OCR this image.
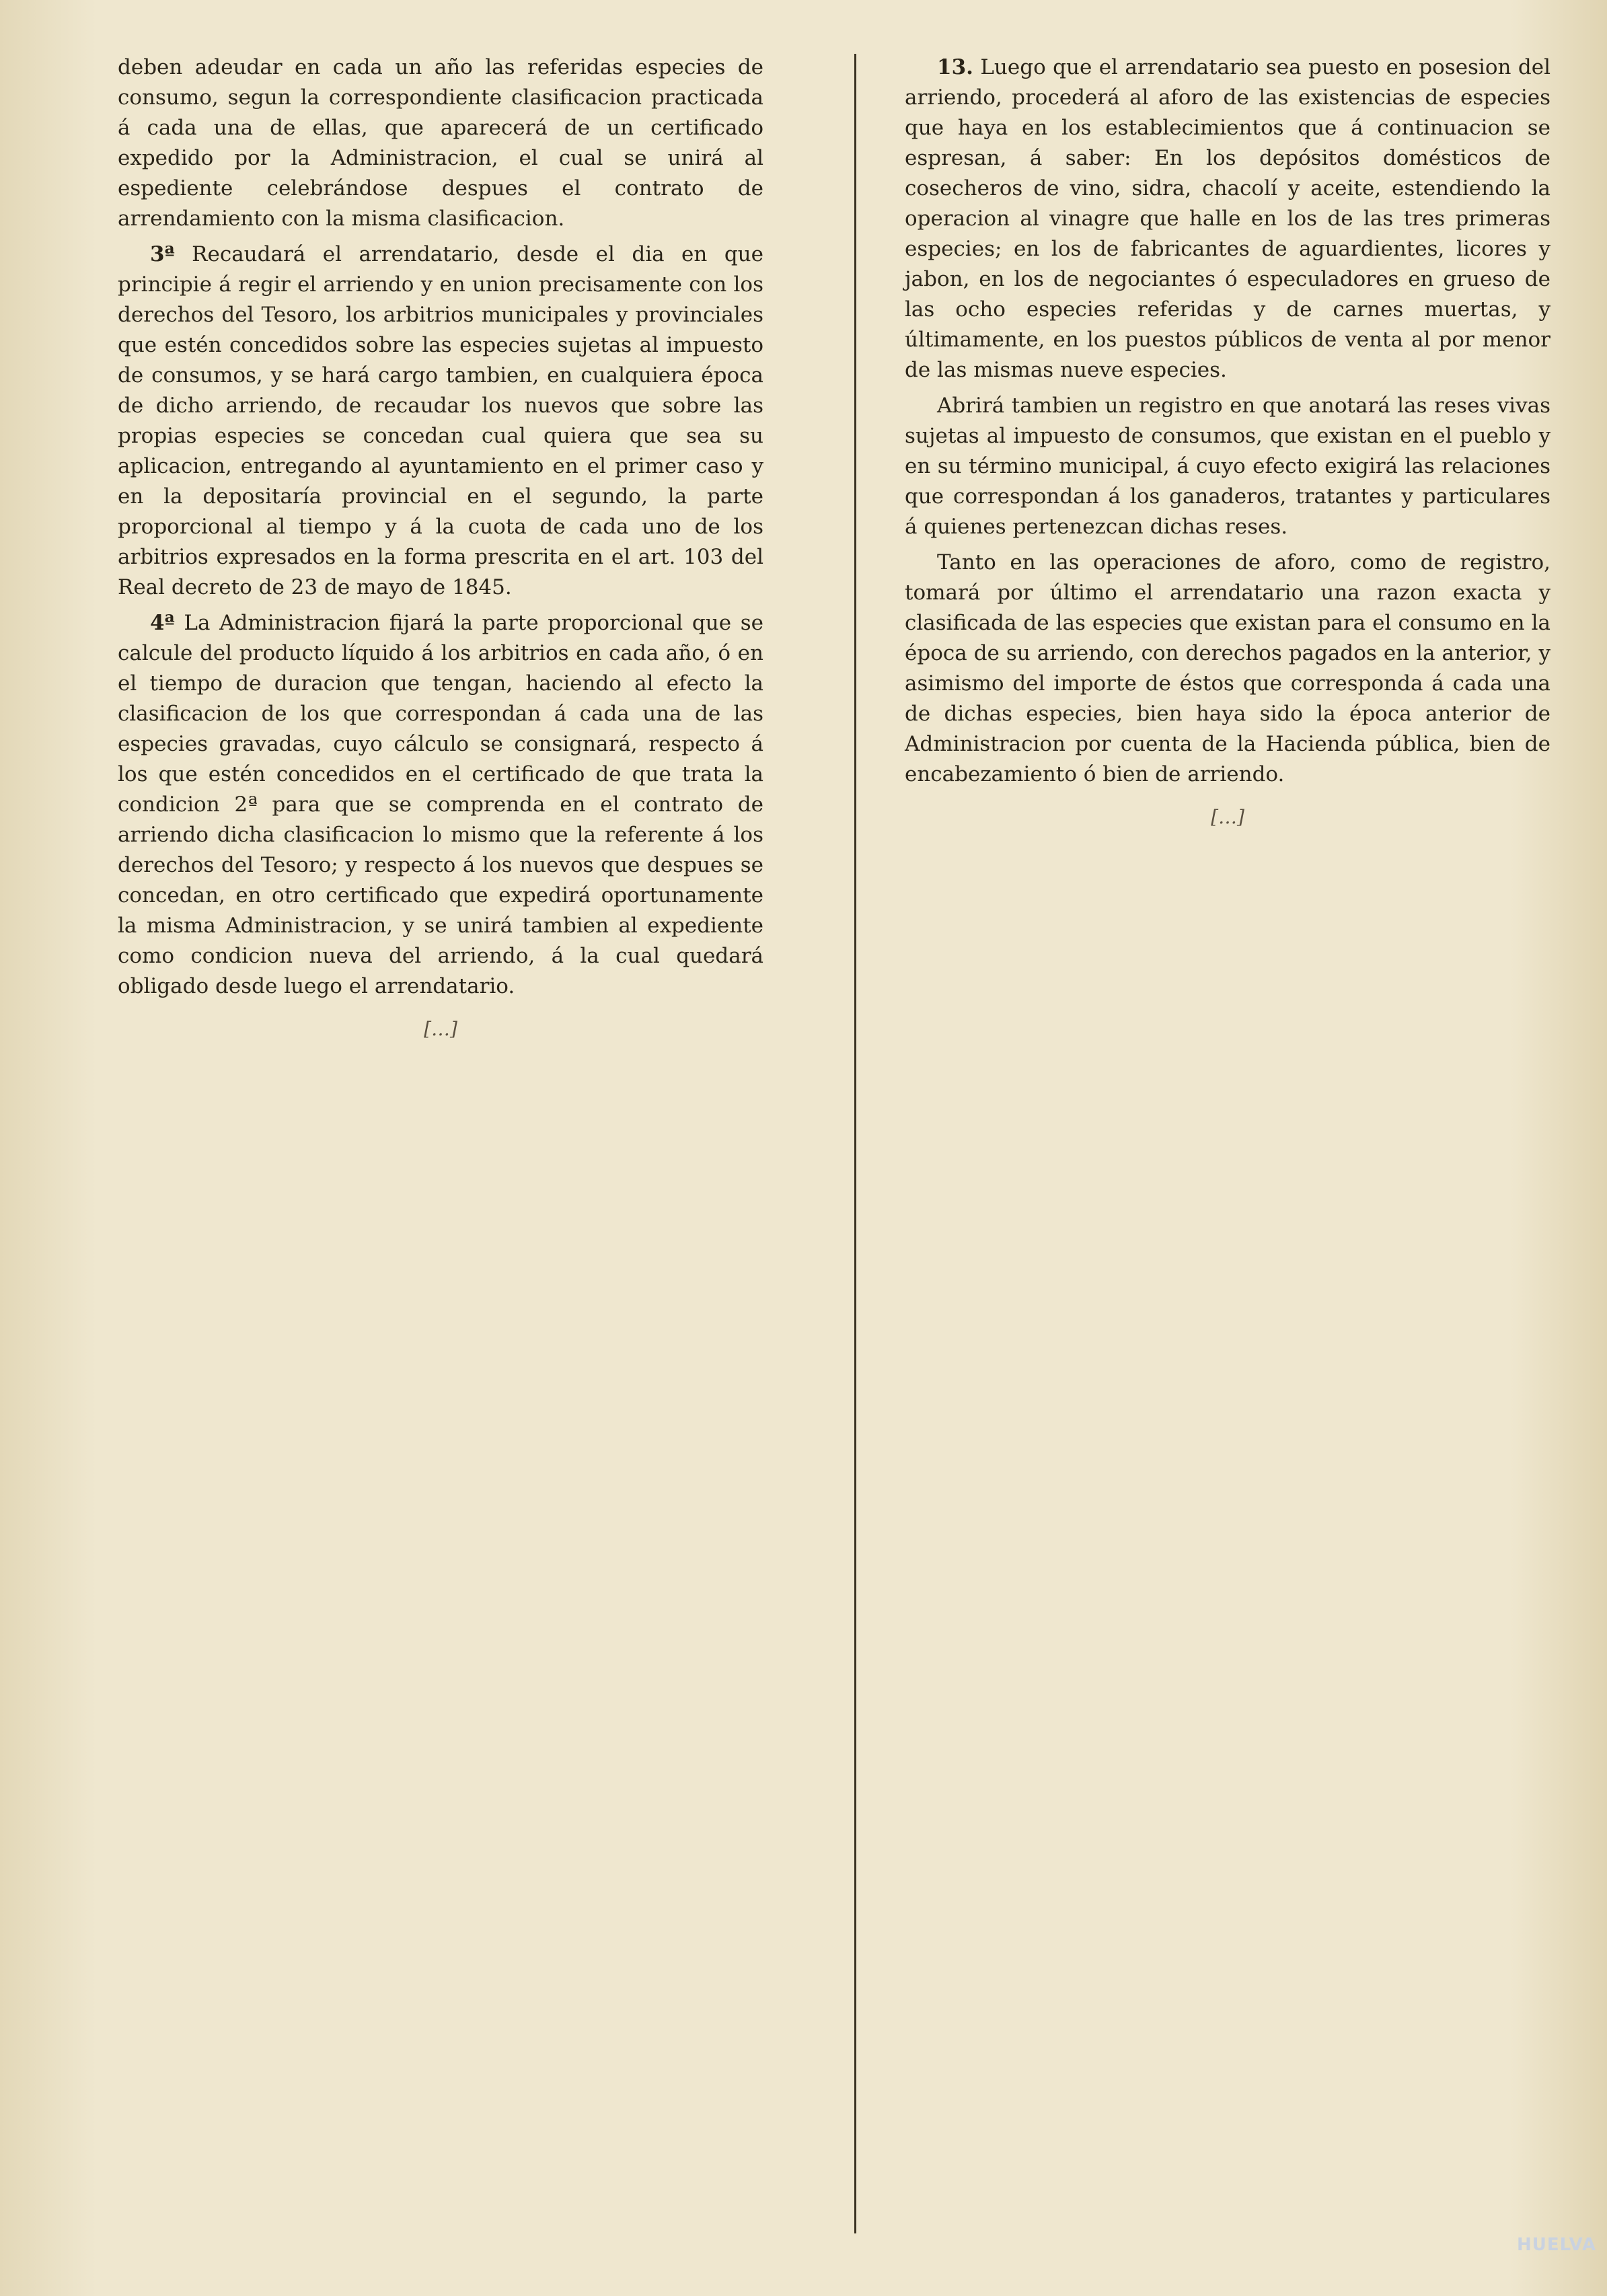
deben adeudar en cada un año las referidas especies de consumo, segun la correspondiente clasificacion practicada á cada una de ellas, que aparecerá de un certificado expedido por la Administracion, el cual se unirá al espediente celebrándose despues el contrato de arrendamiento con la misma clasificacion.

3ª Recaudará el arrendatario, desde el dia en que principie á regir el arriendo y en union precisamente con los derechos del Tesoro, los arbitrios municipales y provinciales que estén concedidos sobre las especies sujetas al impuesto de consumos, y se hará cargo tambien, en cualquiera época de dicho arriendo, de recaudar los nuevos que sobre las propias especies se concedan cual quiera que sea su aplicacion, entregando al ayuntamiento en el primer caso y en la depositaría provincial en el segundo, la parte proporcional al tiempo y á la cuota de cada uno de los arbitrios expresados en la forma prescrita en el art. 103 del Real decreto de 23 de mayo de 1845.

4ª La Administracion fijará la parte proporcional que se calcule del producto líquido á los arbitrios en cada año, ó en el tiempo de duracion que tengan, haciendo al efecto la clasificacion de los que correspondan á cada una de las especies gravadas, cuyo cálculo se consignará, respecto á los que estén concedidos en el certificado de que trata la condicion 2ª para que se comprenda en el contrato de arriendo dicha clasificacion lo mismo que la referente á los derechos del Tesoro; y respecto á los nuevos que despues se concedan, en otro certificado que expedirá oportunamente la misma Administracion, y se unirá tambien al expediente como condicion nueva del arriendo, á la cual quedará obligado desde luego el arrendatario.

[…]

13. Luego que el arrendatario sea puesto en posesion del arriendo, procederá al aforo de las existencias de especies que haya en los establecimientos que á continuacion se espresan, á saber: En los depósitos domésticos de cosecheros de vino, sidra, chacolí y aceite, estendiendo la operacion al vinagre que halle en los de las tres primeras especies; en los de fabricantes de aguardientes, licores y jabon, en los de negociantes ó especuladores en grueso de las ocho especies referidas y de carnes muertas, y últimamente, en los puestos públicos de venta al por menor de las mismas nueve especies.

Abrirá tambien un registro en que anotará las reses vivas sujetas al impuesto de consumos, que existan en el pueblo y en su término municipal, á cuyo efecto exigirá las relaciones que correspondan á los ganaderos, tratantes y particulares á quienes pertenezcan dichas reses.

Tanto en las operaciones de aforo, como de registro, tomará por último el arrendatario una razon exacta y clasificada de las especies que existan para el consumo en la época de su arriendo, con derechos pagados en la anterior, y asimismo del importe de éstos que corresponda á cada una de dichas especies, bien haya sido la época anterior de Administracion por cuenta de la Hacienda pública, bien de encabezamiento ó bien de arriendo.

[…]
HUELVA
